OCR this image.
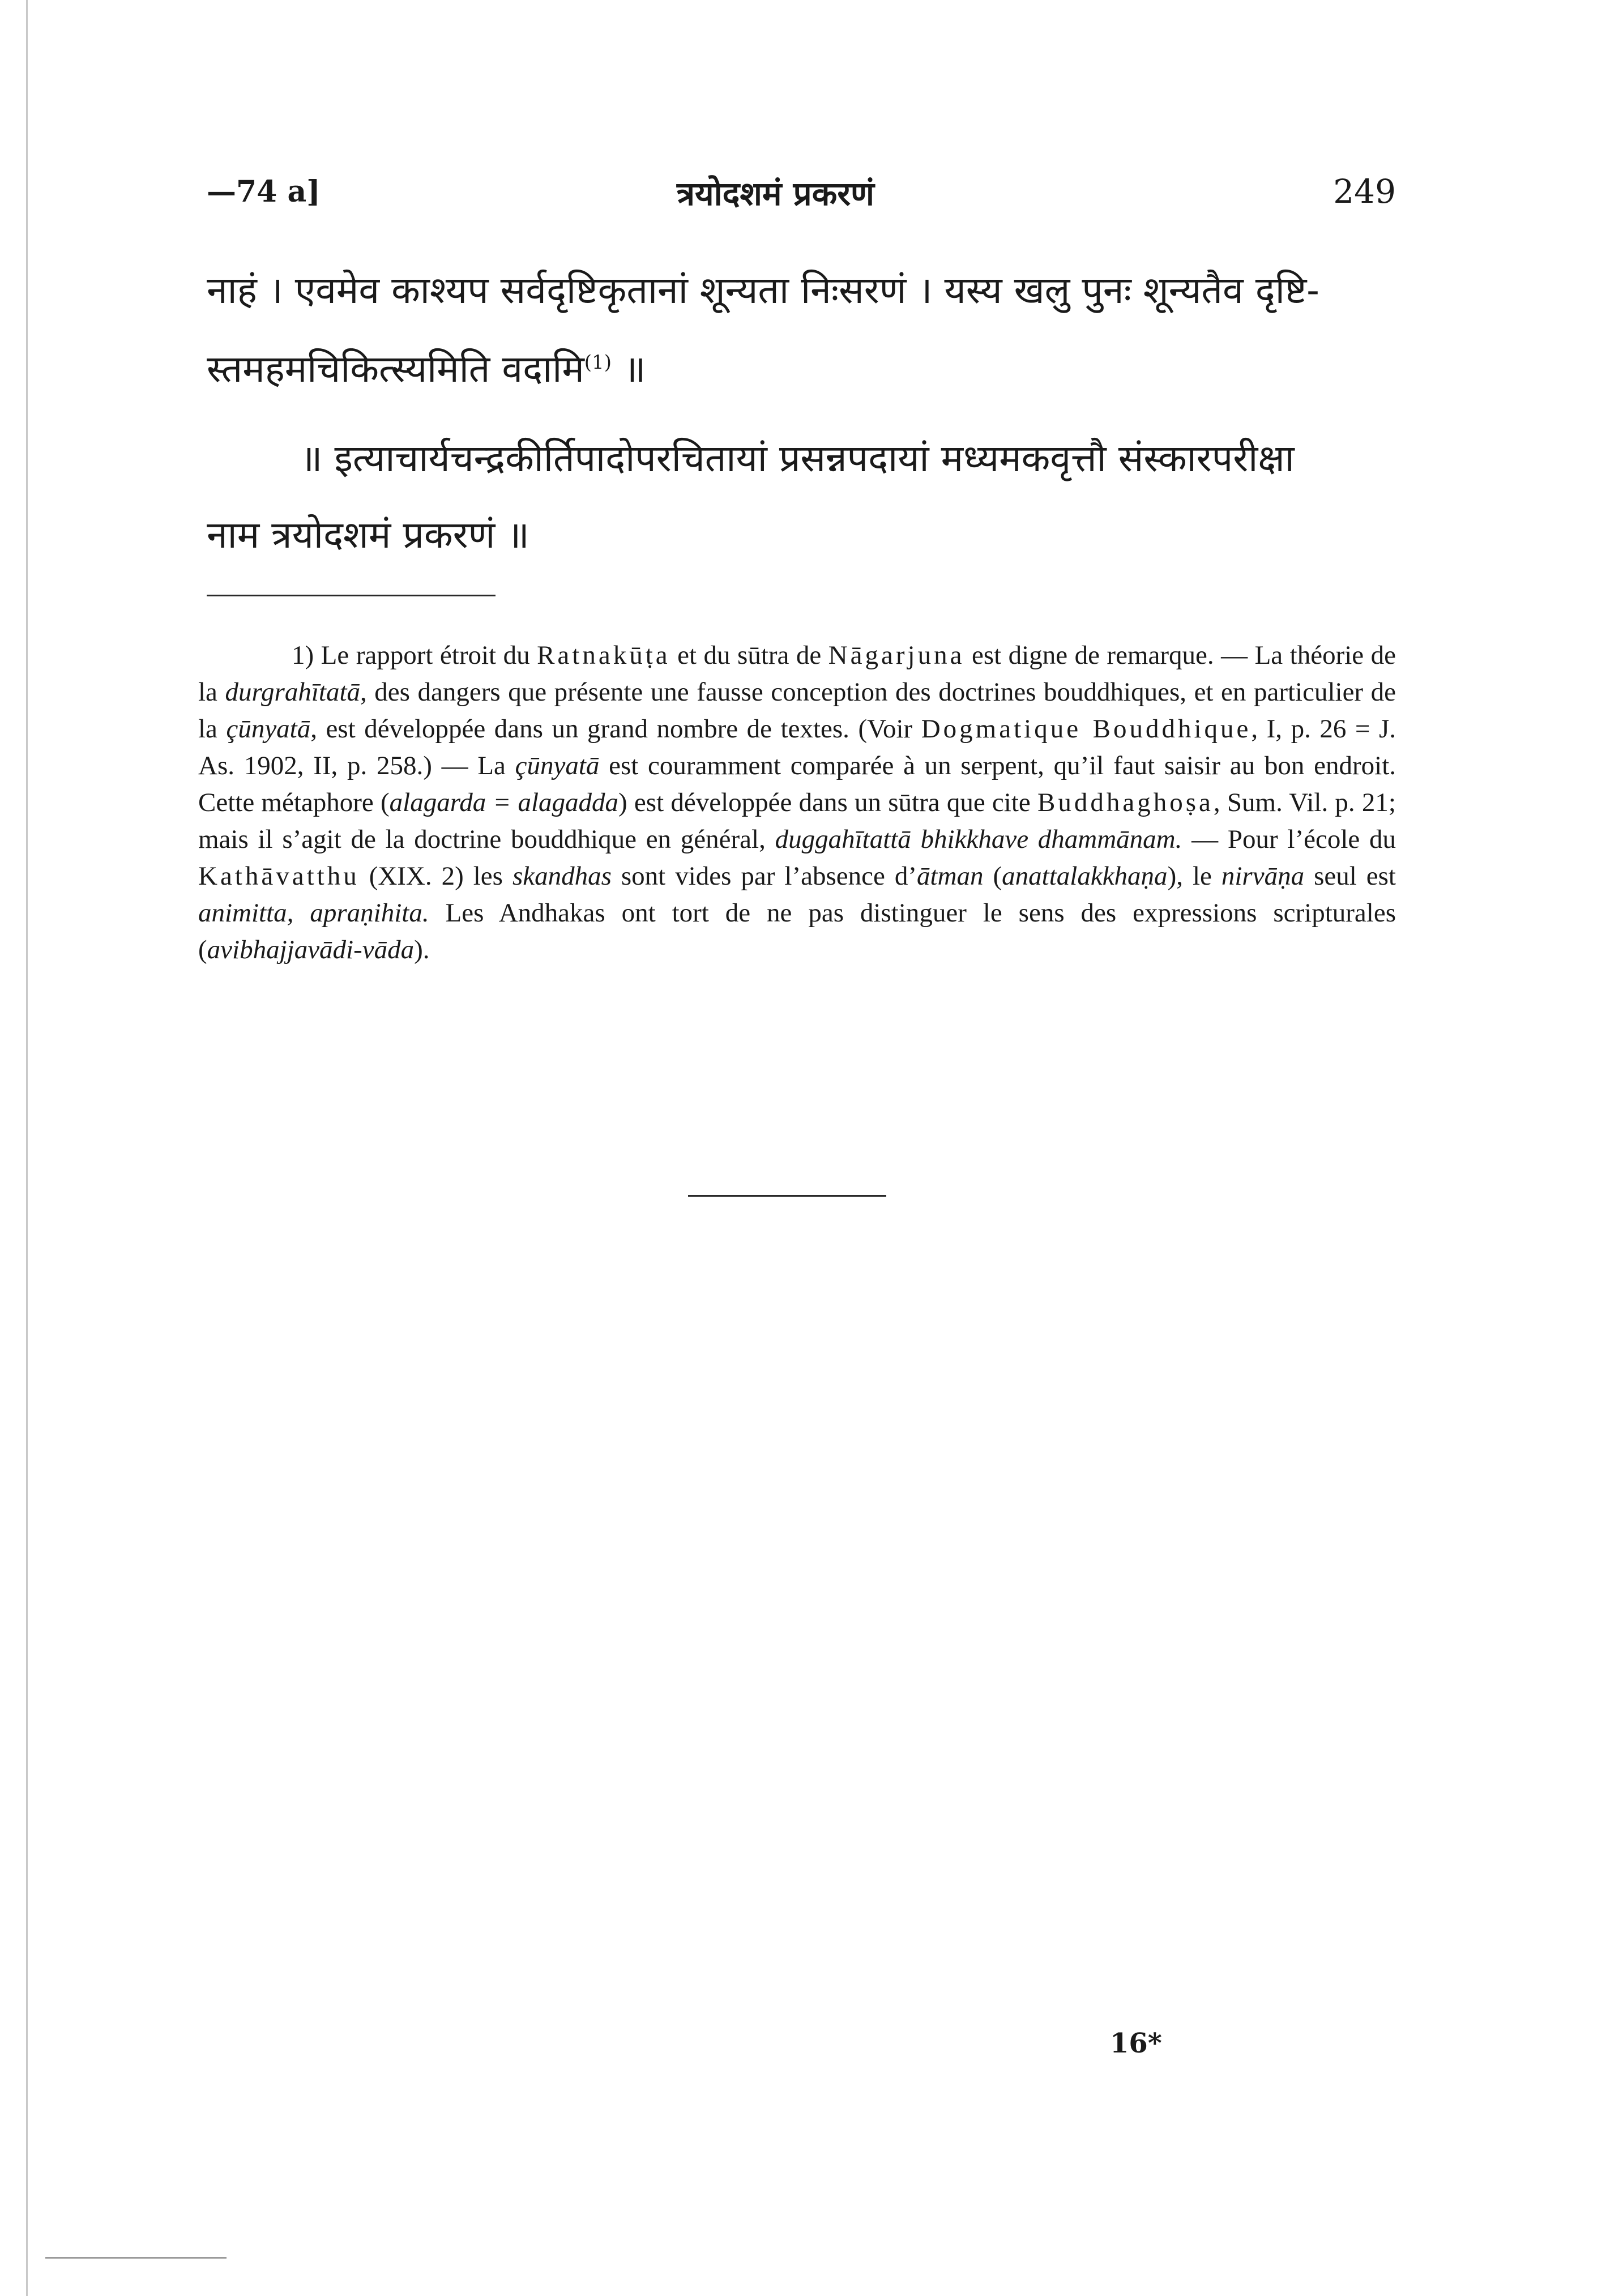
—74 a]	त्रयोदशमं प्रकरणं	249
नाहं । एवमेव काश्यप सर्वदृष्टिकृतानां शून्यता निःसरणं । यस्य खलु पुनः शून्यतैव दृष्टि-
स्तमहमचिकित्स्यमिति वदामि$^{(1)}$ ॥
॥ इत्याचार्यचन्द्रकीर्तिपादोपरचितायां प्रसन्नपदायां मध्यमकवृत्तौ संस्कारपरीक्षा
नाम त्रयोदशमं प्रकरणं ॥
1) Le rapport étroit du Ratnakūṭa et du sūtra de Nāgarjuna est digne de remarque. — La théorie de la durgrahītatā, des dangers que présente une fausse conception des doctrines bouddhiques, et en particulier de la çūnyatā, est développée dans un grand nombre de textes. (Voir Dogmatique Bouddhique, I, p. 26 = J. As. 1902, II, p. 258.) — La çūnyatā est couramment comparée à un serpent, qu’il faut saisir au bon endroit. Cette métaphore (alagarda = alagadda) est développée dans un sūtra que cite Buddhaghoṣa, Sum. Vil. p. 21; mais il s’agit de la doctrine bouddhique en général, duggahītattā bhikkhave dhammānam. — Pour l’école du Kathāvatthu (XIX. 2) les skandhas sont vides par l’absence d’ātman (anattalakkhaṇa), le nirvāṇa seul est animitta, apraṇihita. Les Andhakas ont tort de ne pas distinguer le sens des expressions scripturales (avibhajjavādi-vāda).
16*
